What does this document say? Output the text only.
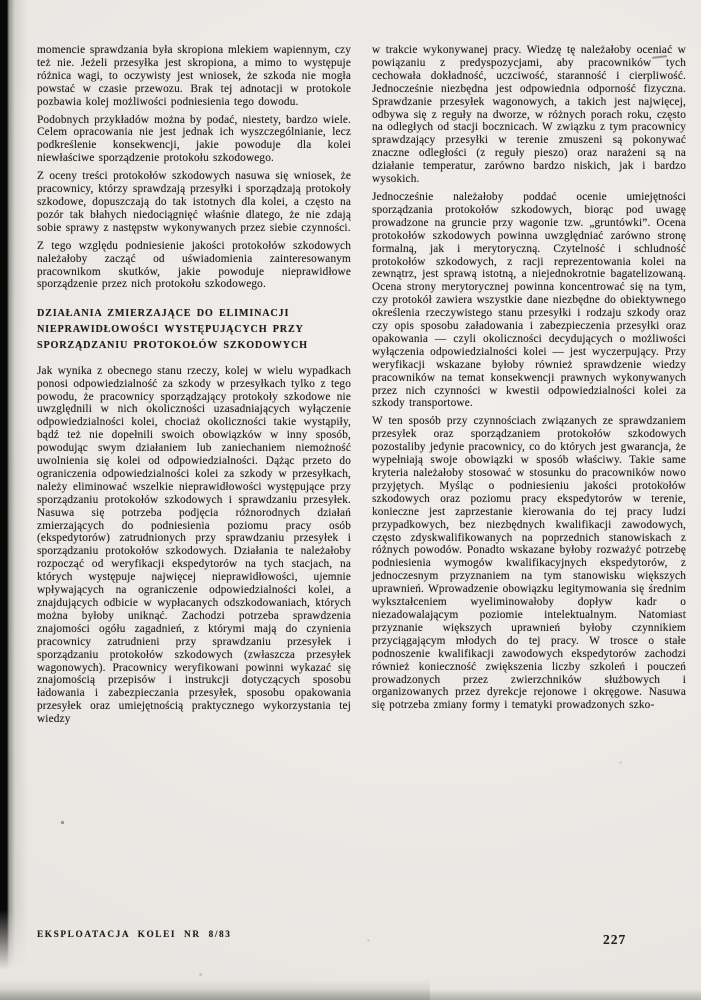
momencie sprawdzania była skropiona mlekiem wapiennym, czy też nie. Jeżeli przesyłka jest skropiona, a mimo to występuje różnica wagi, to oczywisty jest wniosek, że szkoda nie mogła powstać w czasie przewozu. Brak tej adnotacji w protokole pozbawia kolej możliwości podniesienia tego dowodu.

Podobnych przykładów można by podać, niestety, bardzo wiele. Celem opracowania nie jest jednak ich wyszczególnianie, lecz podkreślenie konsekwencji, jakie powoduje dla kolei niewłaściwe sporządzenie protokołu szkodowego.

Z oceny treści protokołów szkodowych nasuwa się wniosek, że pracownicy, którzy sprawdzają przesyłki i sporządzają protokoły szkodowe, dopuszczają do tak istotnych dla kolei, a często na pozór tak błahych niedociągnięć właśnie dlatego, że nie zdają sobie sprawy z następstw wykonywanych przez siebie czynności.

Z tego względu podniesienie jakości protokołów szkodowych należałoby zacząć od uświadomienia zainteresowanym pracownikom skutków, jakie powoduje nieprawidłowe sporządzenie przez nich protokołu szkodowego.

DZIAŁANIA ZMIERZAJĄCE DO ELIMINACJI
NIEPRAWIDŁOWOŚCI WYSTĘPUJĄCYCH PRZY
SPORZĄDZANIU PROTOKOŁÓW SZKODOWYCH

Jak wynika z obecnego stanu rzeczy, kolej w wielu wypadkach ponosi odpowiedzialność za szkody w przesyłkach tylko z tego powodu, że pracownicy sporządzający protokoły szkodowe nie uwzględnili w nich okoliczności uzasadniających wyłączenie odpowiedzialności kolei, chociaż okoliczności takie wystąpiły, bądź też nie dopełnili swoich obowiązków w inny sposób, powodując swym działaniem lub zaniechaniem niemożność uwolnienia się kolei od odpowiedzialności. Dążąc przeto do ograniczenia odpowiedzialności kolei za szkody w przesyłkach, należy eliminować wszelkie nieprawidłowości występujące przy sporządzaniu protokołów szkodowych i sprawdzaniu przesyłek. Nasuwa się potrzeba podjęcia różnorodnych działań zmierzających do podniesienia poziomu pracy osób (ekspedytorów) zatrudnionych przy sprawdzaniu przesyłek i sporządzaniu protokołów szkodowych. Działania te należałoby rozpocząć od weryfikacji ekspedytorów na tych stacjach, na których występuje najwięcej nieprawidłowości, ujemnie wpływających na ograniczenie odpowiedzialności kolei, a znajdujących odbicie w wypłacanych odszkodowaniach, których można byłoby uniknąć. Zachodzi potrzeba sprawdzenia znajomości ogółu zagadnień, z którymi mają do czynienia pracownicy zatrudnieni przy sprawdzaniu przesyłek i sporządzaniu protokołów szkodowych (zwłaszcza przesyłek wagonowych). Pracownicy weryfikowani powinni wykazać się znajomością przepisów i instrukcji dotyczących sposobu ładowania i zabezpieczania przesyłek, sposobu opakowania przesyłek oraz umiejętnością praktycznego wykorzystania tej wiedzy

w trakcie wykonywanej pracy. Wiedzę tę należałoby oceniać w powiązaniu z predyspozycjami, aby pracowników tych cechowała dokładność, uczciwość, staranność i cierpliwość. Jednocześnie niezbędna jest odpowiednia odporność fizyczna. Sprawdzanie przesyłek wagonowych, a takich jest najwięcej, odbywa się z reguły na dworze, w różnych porach roku, często na odległych od stacji bocznicach. W związku z tym pracownicy sprawdzający przesyłki w terenie zmuszeni są pokonywać znaczne odległości (z reguły pieszo) oraz narażeni są na działanie temperatur, zarówno bardzo niskich, jak i bardzo wysokich.

Jednocześnie należałoby poddać ocenie umiejętności sporządzania protokołów szkodowych, biorąc pod uwagę prowadzone na gruncie przy wagonie tzw. „gruntówki”. Ocena protokołów szkodowych powinna uwzględniać zarówno stronę formalną, jak i merytoryczną. Czytelność i schludność protokołów szkodowych, z racji reprezentowania kolei na zewnątrz, jest sprawą istotną, a niejednokrotnie bagatelizowaną. Ocena strony merytorycznej powinna koncentrować się na tym, czy protokół zawiera wszystkie dane niezbędne do obiektywnego określenia rzeczywistego stanu przesyłki i rodzaju szkody oraz czy opis sposobu załadowania i zabezpieczenia przesyłki oraz opakowania — czyli okoliczności decydujących o możliwości wyłączenia odpowiedzialności kolei — jest wyczerpujący. Przy weryfikacji wskazane byłoby również sprawdzenie wiedzy pracowników na temat konsekwencji prawnych wykonywanych przez nich czynności w kwestii odpowiedzialności kolei za szkody transportowe.

W ten sposób przy czynnościach związanych ze sprawdzaniem przesyłek oraz sporządzaniem protokołów szkodowych pozostaliby jedynie pracownicy, co do których jest gwarancja, że wypełniają swoje obowiązki w sposób właściwy. Takie same kryteria należałoby stosować w stosunku do pracowników nowo przyjętych. Myśląc o podniesieniu jakości protokołów szkodowych oraz poziomu pracy ekspedytorów w terenie, konieczne jest zaprzestanie kierowania do tej pracy ludzi przypadkowych, bez niezbędnych kwalifikacji zawodowych, często zdyskwalifikowanych na poprzednich stanowiskach z różnych powodów. Ponadto wskazane byłoby rozważyć potrzebę podniesienia wymogów kwalifikacyjnych ekspedytorów, z jednoczesnym przyznaniem na tym stanowisku większych uprawnień. Wprowadzenie obowiązku legitymowania się średnim wykształceniem wyeliminowałoby dopływ kadr o niezadowalającym poziomie intelektualnym. Natomiast przyznanie większych uprawnień byłoby czynnikiem przyciągającym młodych do tej pracy. W trosce o stałe podnoszenie kwalifikacji zawodowych ekspedytorów zachodzi również konieczność zwiększenia liczby szkoleń i pouczeń prowadzonych przez zwierzchników służbowych i organizowanych przez dyrekcje rejonowe i okręgowe. Nasuwa się potrzeba zmiany formy i tematyki prowadzonych szko-

EKSPLOATACJA KOLEI NR 8/83	227
